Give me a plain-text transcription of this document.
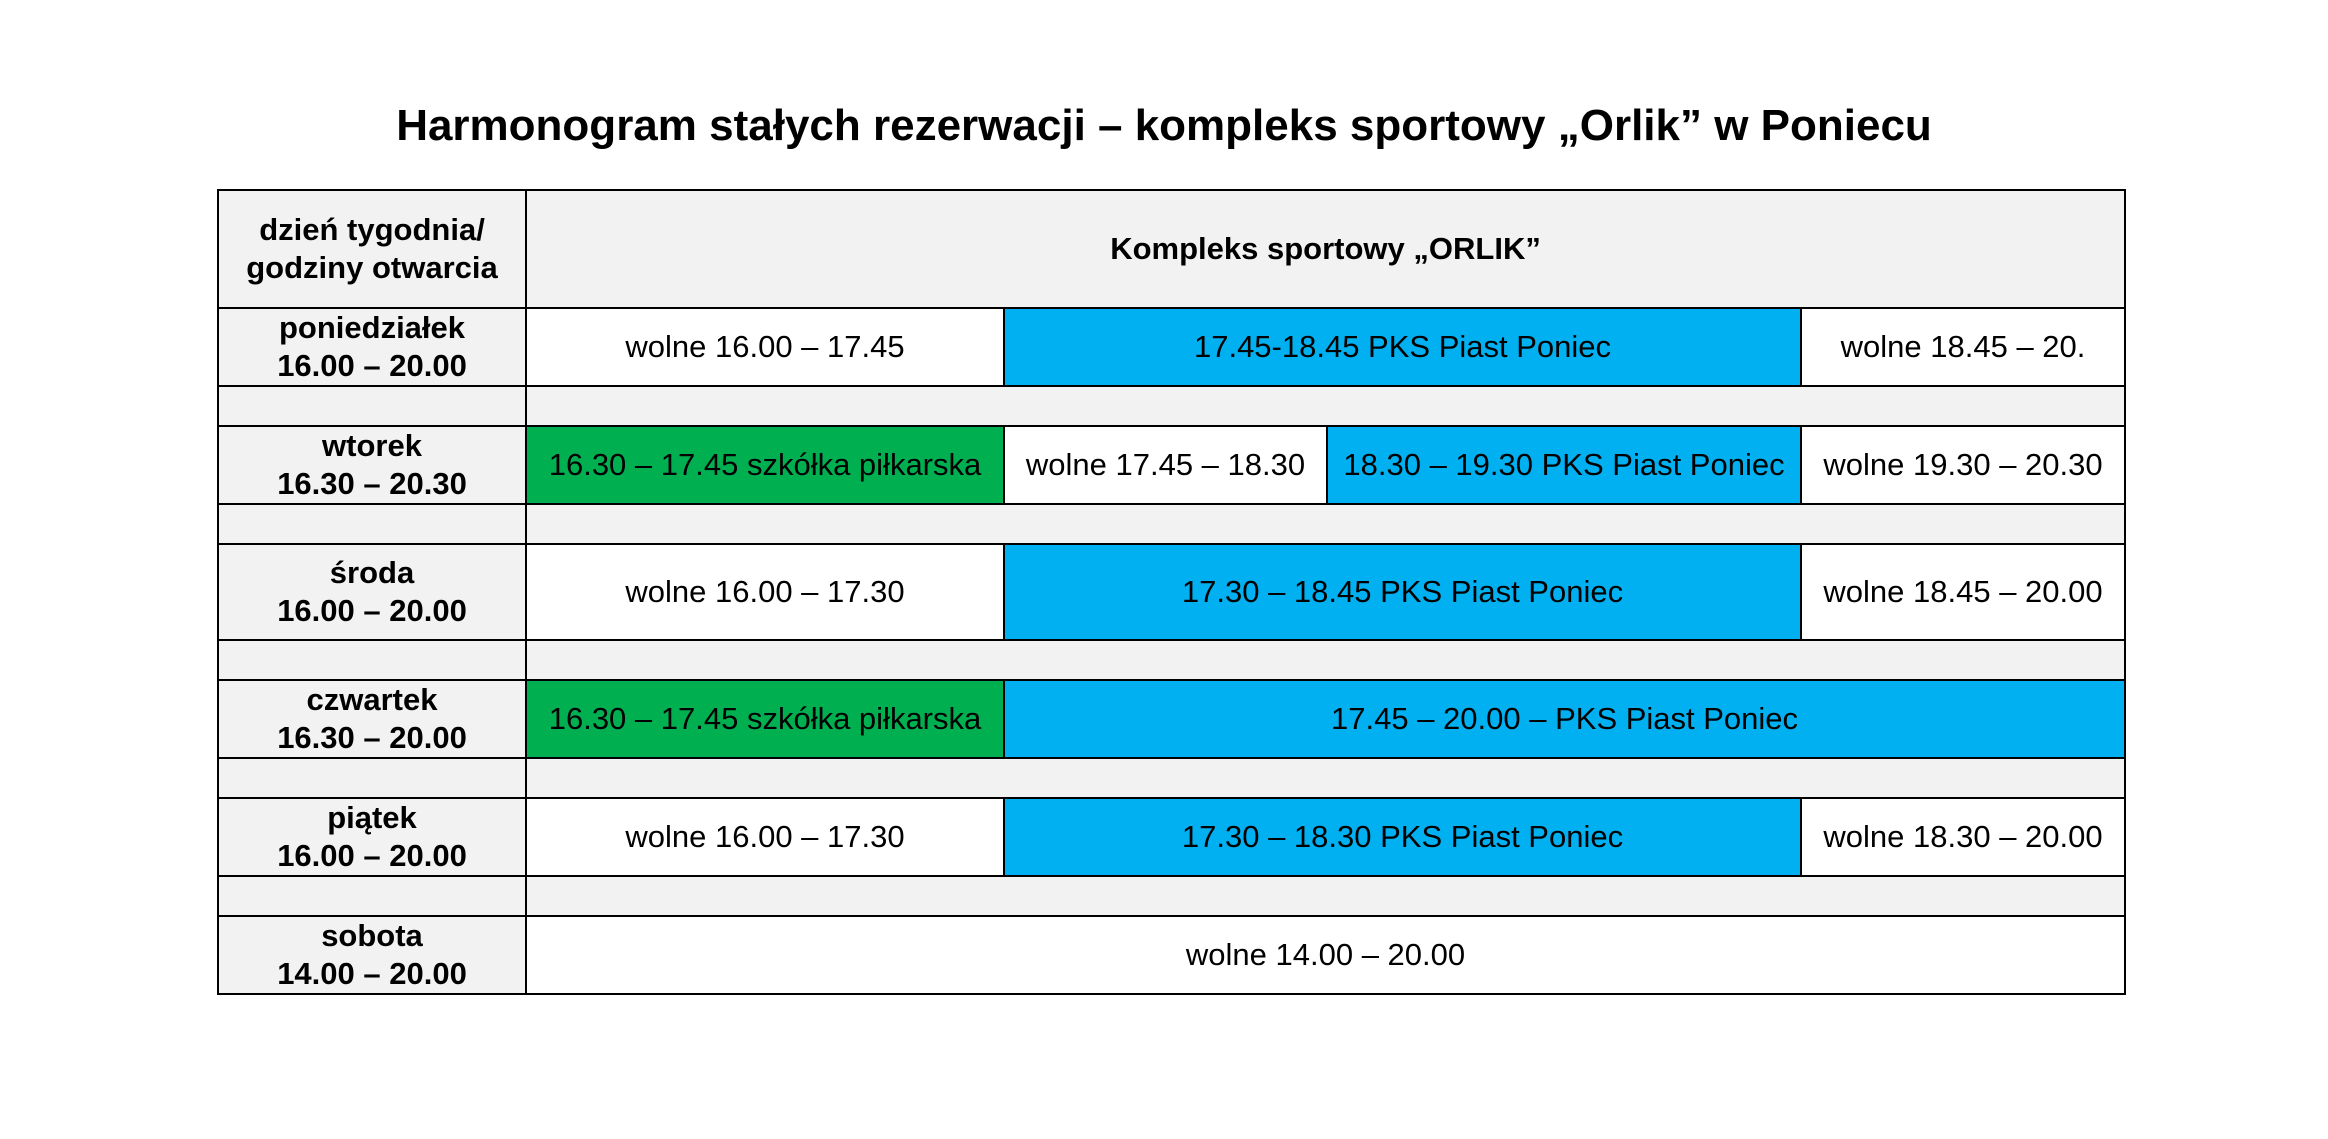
Harmonogram stałych rezerwacji – kompleks sportowy „Orlik” w Poniecu
dzień tygodnia/
godziny otwarcia	Kompleks sportowy „ORLIK”			

poniedziałek
16.00 – 20.00	wolne 16.00 – 17.45	17.45-18.45 PKS Piast Poniec		wolne 18.45 – 20.

wtorek
16.30 – 20.30	16.30 – 17.45 szkółka piłkarska	wolne 17.45 – 18.30	18.30 – 19.30 PKS Piast Poniec	wolne 19.30 – 20.30

środa
16.00 – 20.00	wolne 16.00 – 17.30	17.30 – 18.45 PKS Piast Poniec		wolne 18.45 – 20.00

czwartek
16.30 – 20.00	16.30 – 17.45 szkółka piłkarska	17.45 – 20.00 – PKS Piast Poniec		

piątek
16.00 – 20.00	wolne 16.00 – 17.30	17.30 – 18.30 PKS Piast Poniec		wolne 18.30 – 20.00

sobota
14.00 – 20.00	wolne 14.00 – 20.00			
